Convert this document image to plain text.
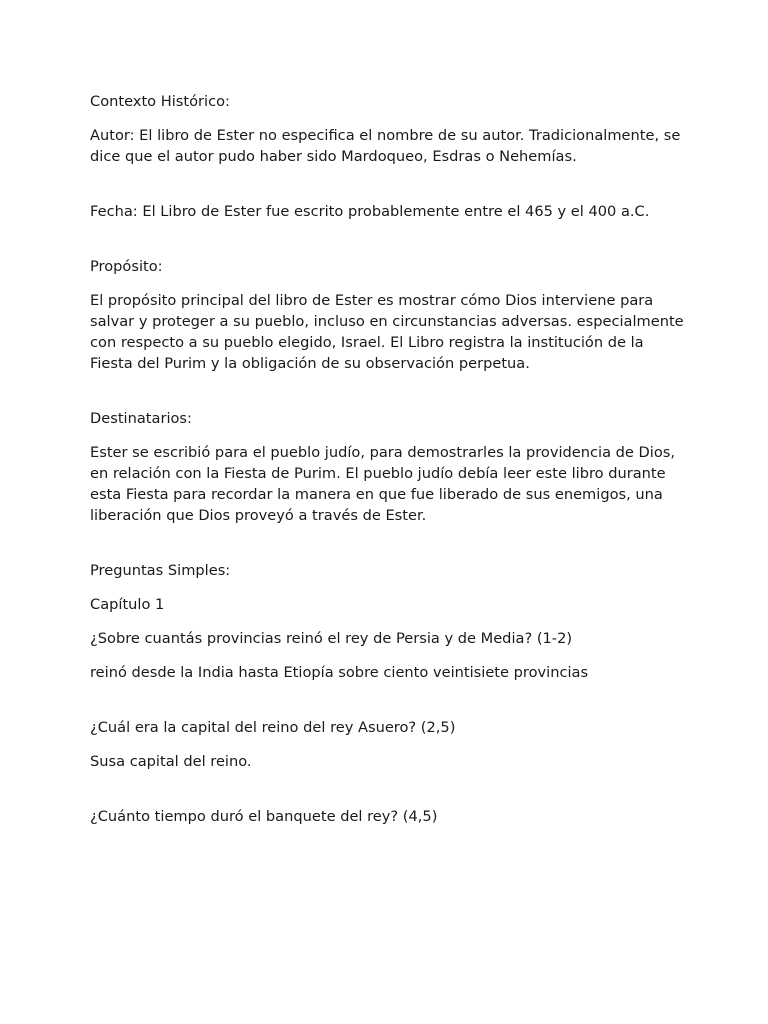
Contexto Histórico:

Autor: El libro de Ester no especifica el nombre de su autor. Tradicionalmente, se dice que el autor pudo haber sido Mardoqueo, Esdras o Nehemías.

Fecha: El Libro de Ester fue escrito probablemente entre el 465 y el 400 a.C.

Propósito:

El propósito principal del libro de Ester es mostrar cómo Dios interviene para salvar y proteger a su pueblo, incluso en circunstancias adversas. especialmente con respecto a su pueblo elegido, Israel. El Libro registra la institución de la Fiesta del Purim y la obligación de su observación perpetua.

Destinatarios:

Ester se escribió para el pueblo judío, para demostrarles la providencia de Dios, en relación con la Fiesta de Purim. El pueblo judío debía leer este libro durante esta Fiesta para recordar la manera en que fue liberado de sus enemigos, una liberación que Dios proveyó a través de Ester.

Preguntas Simples:

Capítulo 1

¿Sobre cuantás provincias reinó el rey de Persia y de Media? (1-2)

reinó desde la India hasta Etiopía sobre ciento veintisiete provincias

¿Cuál era la capital del reino del rey Asuero? (2,5)

Susa capital del reino.

¿Cuánto tiempo duró el banquete del rey? (4,5)
